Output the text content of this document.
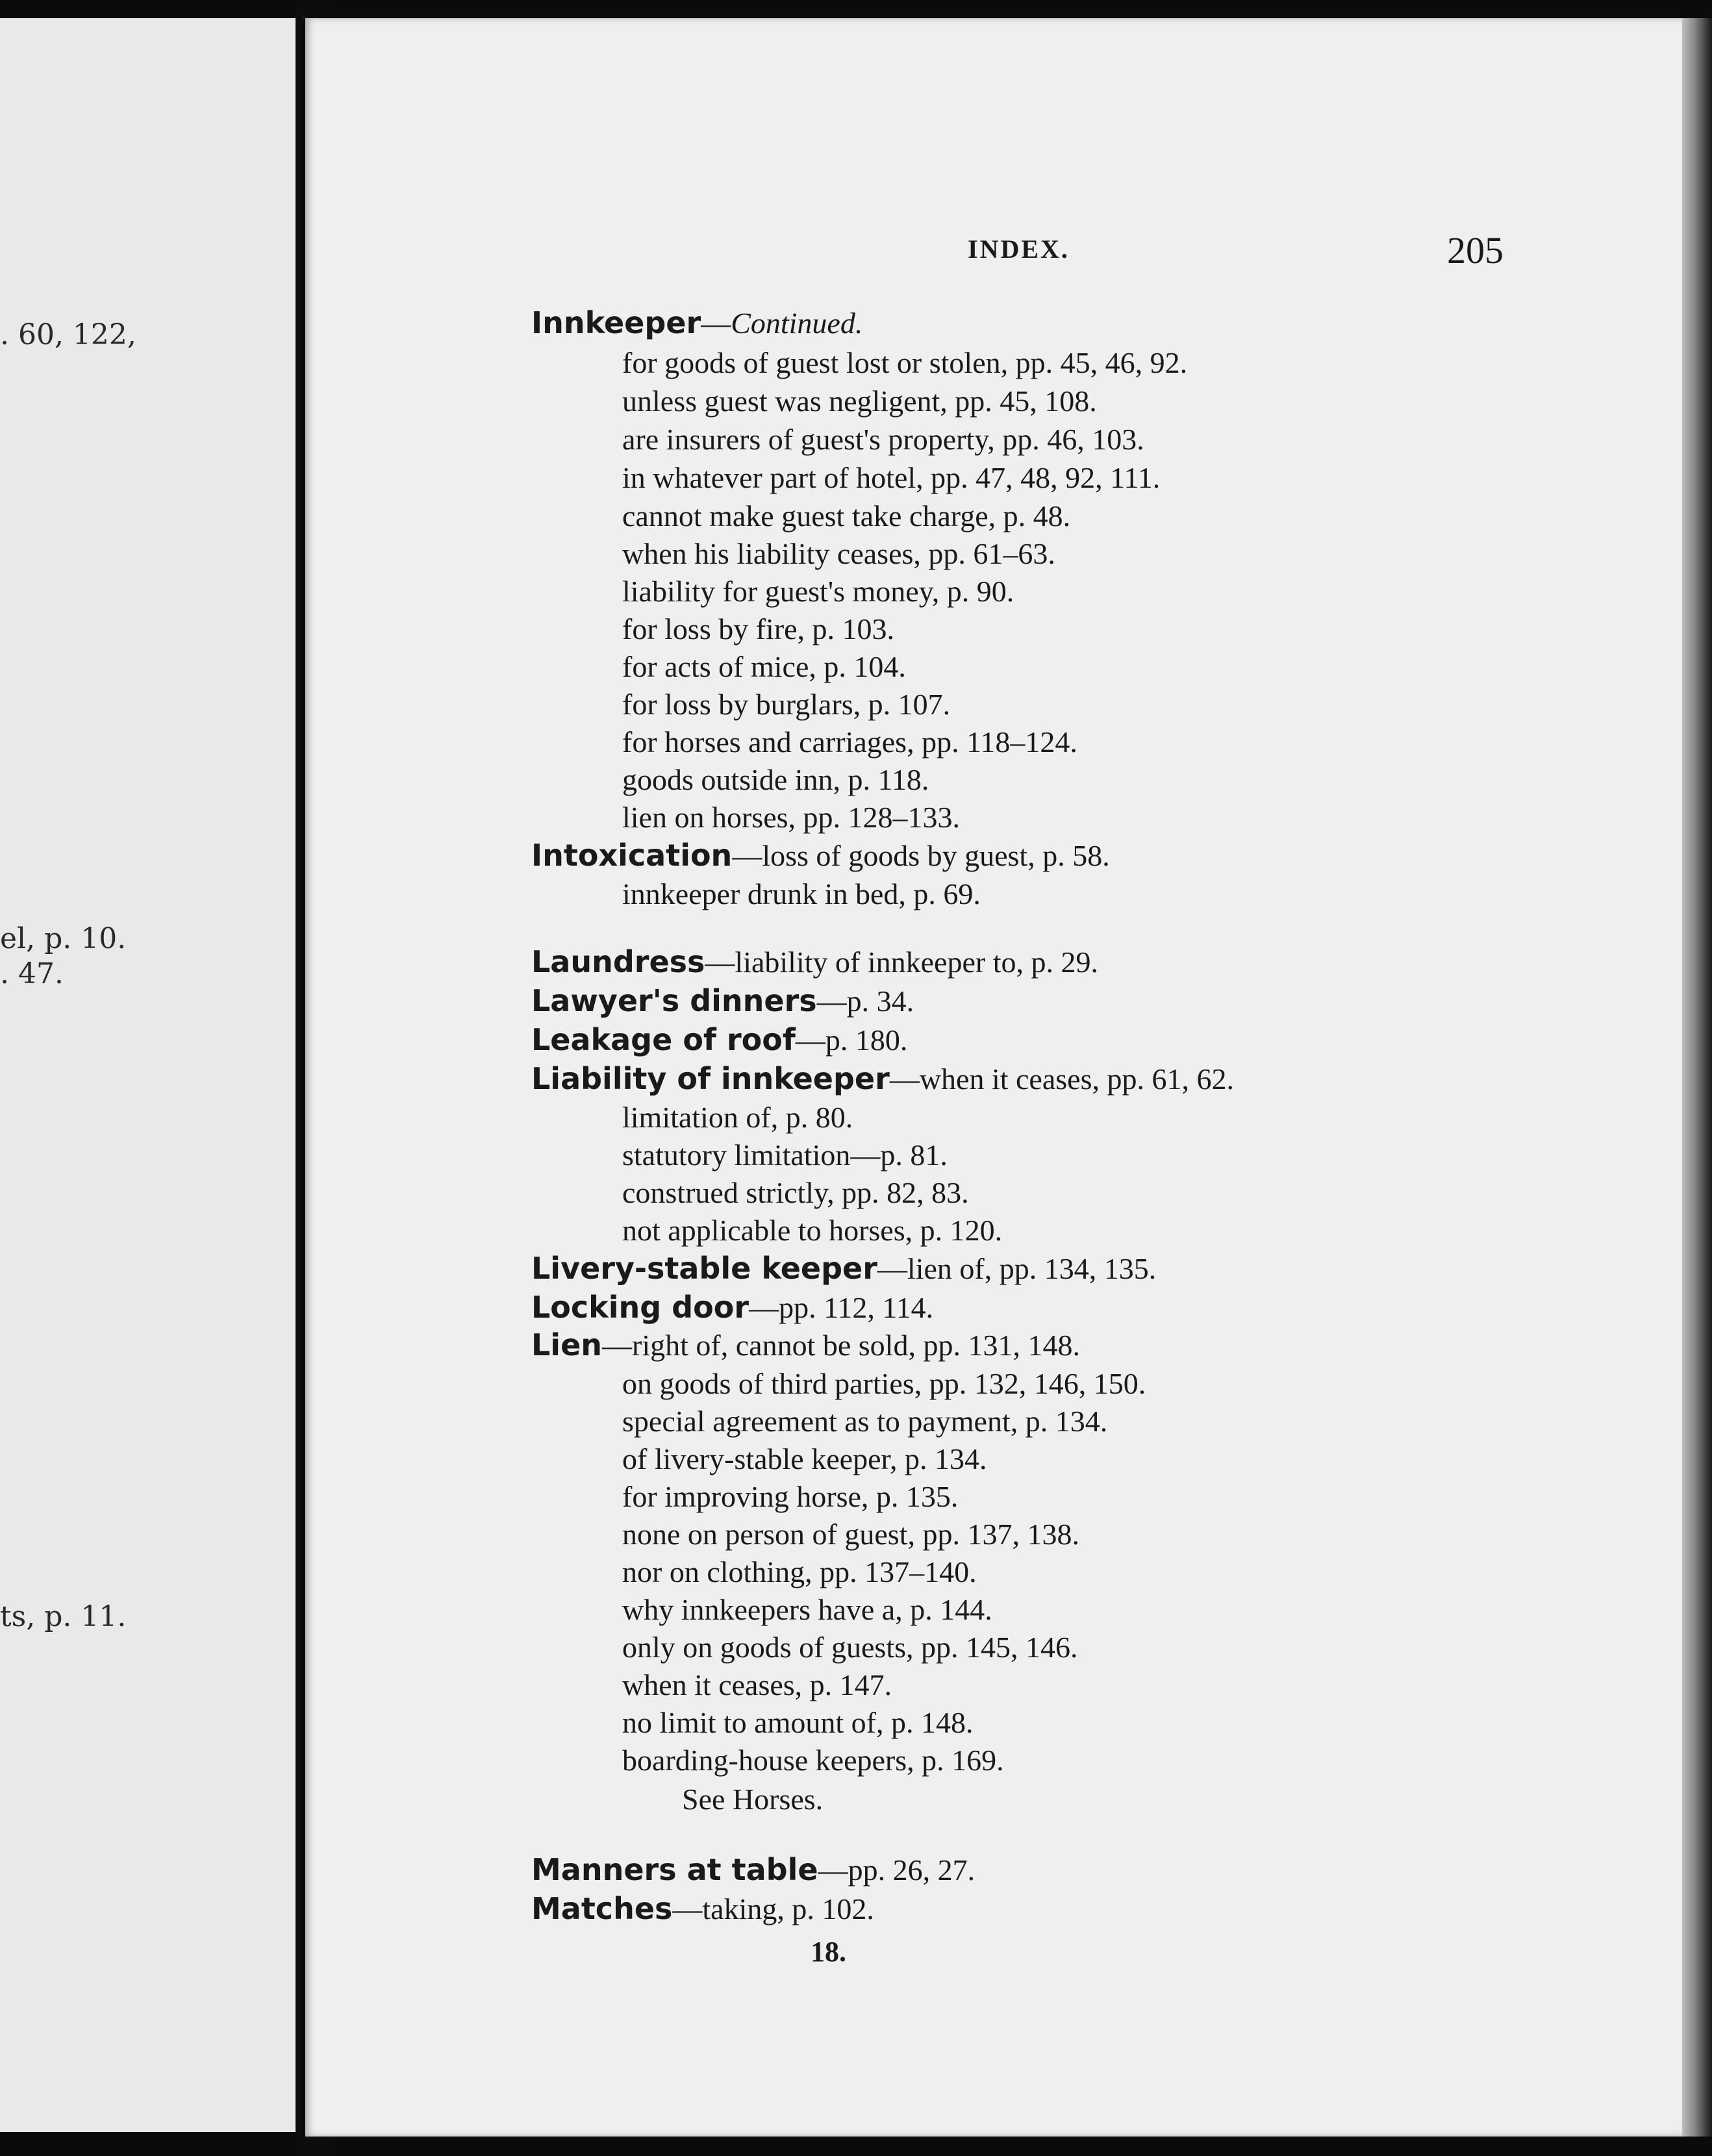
. 60, 122,
el, p. 10.
. 47.
ts, p. 11.
INDEX.	205
Innkeeper—Continued.
for goods of guest lost or stolen, pp. 45, 46, 92.
unless guest was negligent, pp. 45, 108.
are insurers of guest's property, pp. 46, 103.
in whatever part of hotel, pp. 47, 48, 92, 111.
cannot make guest take charge, p. 48.
when his liability ceases, pp. 61–63.
liability for guest's money, p. 90.
for loss by fire, p. 103.
for acts of mice, p. 104.
for loss by burglars, p. 107.
for horses and carriages, pp. 118–124.
goods outside inn, p. 118.
lien on horses, pp. 128–133.
Intoxication—loss of goods by guest, p. 58.
innkeeper drunk in bed, p. 69.
Laundress—liability of innkeeper to, p. 29.
Lawyer's dinners—p. 34.
Leakage of roof—p. 180.
Liability of innkeeper—when it ceases, pp. 61, 62.
limitation of, p. 80.
statutory limitation—p. 81.
construed strictly, pp. 82, 83.
not applicable to horses, p. 120.
Livery-stable keeper—lien of, pp. 134, 135.
Locking door—pp. 112, 114.
Lien—right of, cannot be sold, pp. 131, 148.
on goods of third parties, pp. 132, 146, 150.
special agreement as to payment, p. 134.
of livery-stable keeper, p. 134.
for improving horse, p. 135.
none on person of guest, pp. 137, 138.
nor on clothing, pp. 137–140.
why innkeepers have a, p. 144.
only on goods of guests, pp. 145, 146.
when it ceases, p. 147.
no limit to amount of, p. 148.
boarding-house keepers, p. 169.
See Horses.
Manners at table—pp. 26, 27.
Matches—taking, p. 102.
18.
